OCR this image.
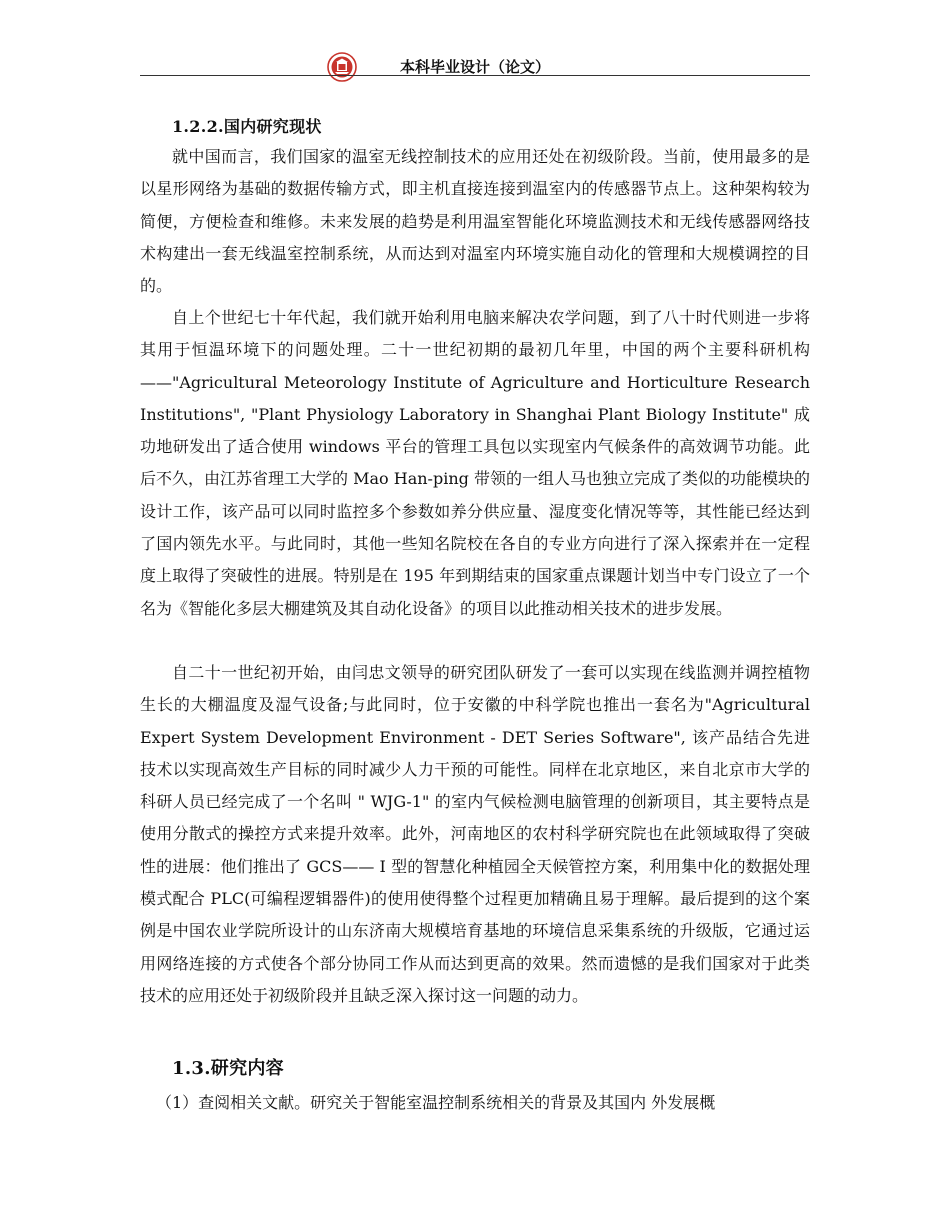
本科毕业设计（论文）
1.2.2.国内研究现状

就中国而言，我们国家的温室无线控制技术的应用还处在初级阶段。当前，使用最多的是以星形网络为基础的数据传输方式，即主机直接连接到温室内的传感器节点上。这种架构较为简便，方便检查和维修。未来发展的趋势是利用温室智能化环境监测技术和无线传感器网络技术构建出一套无线温室控制系统，从而达到对温室内环境实施自动化的管理和大规模调控的目的。

自上个世纪七十年代起，我们就开始利用电脑来解决农学问题，到了八十时代则进一步将其用于恒温环境下的问题处理。二十一世纪初期的最初几年里，中国的两个主要科研机构——"Agricultural Meteorology Institute of Agriculture and Horticulture Research Institutions", "Plant Physiology Laboratory in Shanghai Plant Biology Institute" 成功地研发出了适合使用 windows 平台的管理工具包以实现室内气候条件的高效调节功能。此后不久，由江苏省理工大学的 Mao Han-ping 带领的一组人马也独立完成了类似的功能模块的设计工作，该产品可以同时监控多个参数如养分供应量、湿度变化情况等等，其性能已经达到了国内领先水平。与此同时，其他一些知名院校在各自的专业方向进行了深入探索并在一定程度上取得了突破性的进展。特别是在 195 年到期结束的国家重点课题计划当中专门设立了一个名为《智能化多层大棚建筑及其自动化设备》的项目以此推动相关技术的进步发展。

自二十一世纪初开始，由闫忠文领导的研究团队研发了一套可以实现在线监测并调控植物生长的大棚温度及湿气设备;与此同时，位于安徽的中科学院也推出一套名为"Agricultural Expert System Development Environment - DET Series Software", 该产品结合先进技术以实现高效生产目标的同时减少人力干预的可能性。同样在北京地区，来自北京市大学的科研人员已经完成了一个名叫 " WJG-1" 的室内气候检测电脑管理的创新项目，其主要特点是使用分散式的操控方式来提升效率。此外，河南地区的农村科学研究院也在此领域取得了突破性的进展：他们推出了 GCS—— I 型的智慧化种植园全天候管控方案，利用集中化的数据处理模式配合 PLC(可编程逻辑器件)的使用使得整个过程更加精确且易于理解。最后提到的这个案例是中国农业学院所设计的山东济南大规模培育基地的环境信息采集系统的升级版，它通过运用网络连接的方式使各个部分协同工作从而达到更高的效果。然而遗憾的是我们国家对于此类技术的应用还处于初级阶段并且缺乏深入探讨这一问题的动力。

1.3.研究内容

（1）查阅相关文献。研究关于智能室温控制系统相关的背景及其国内 外发展概
